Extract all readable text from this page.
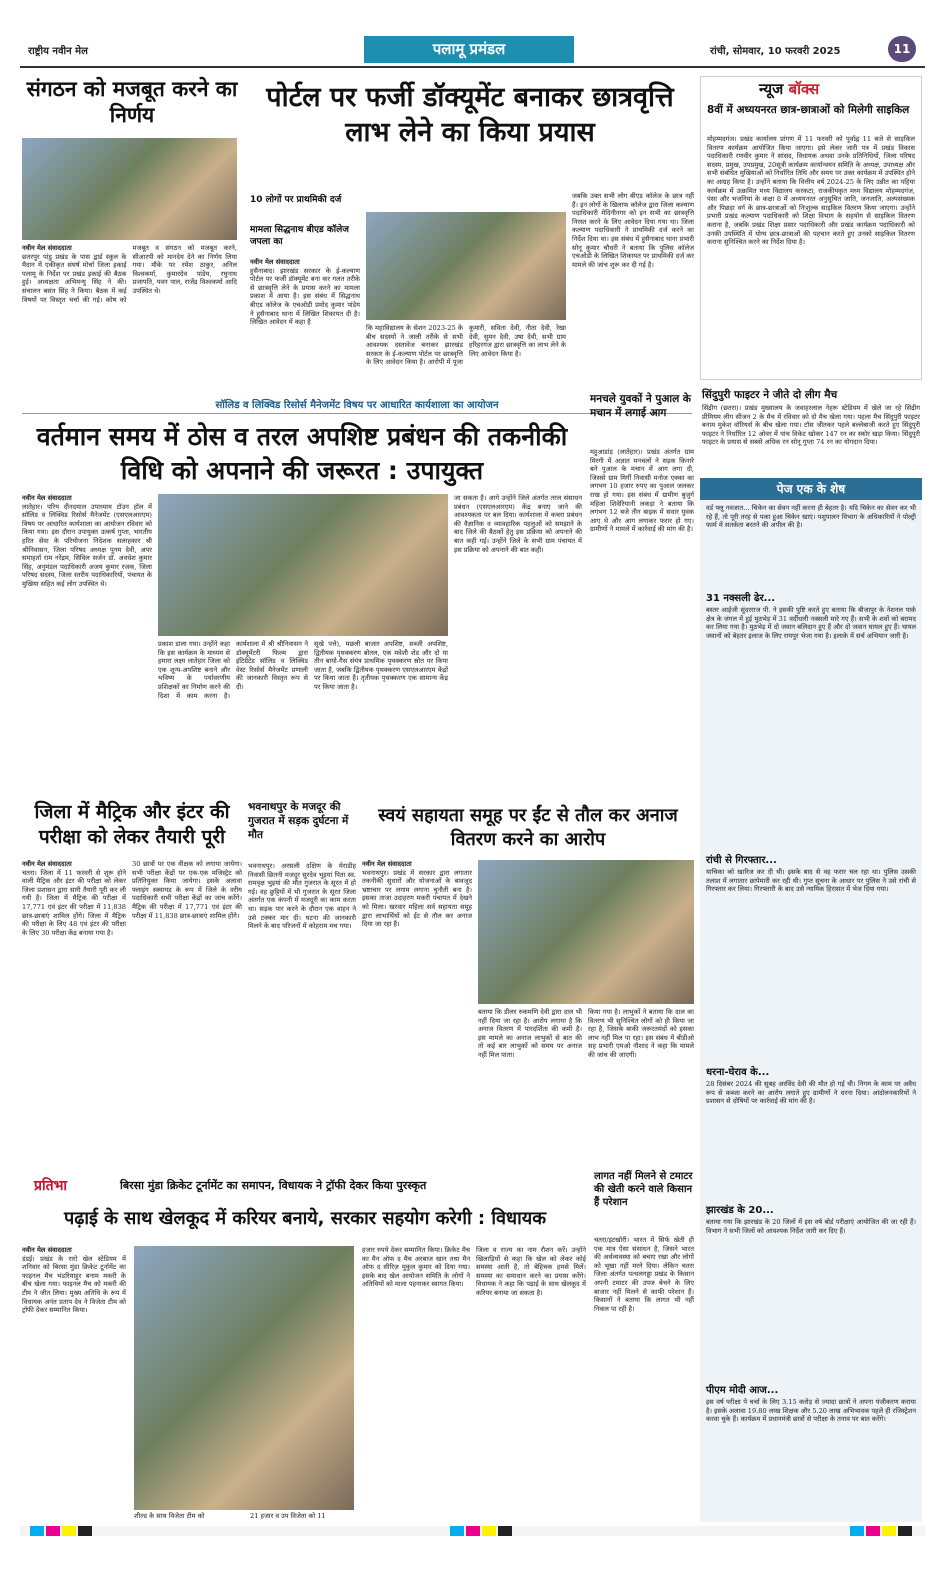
राष्ट्रीय नवीन मेल	पलामू प्रमंडल	रांची, सोमवार, 10 फरवरी 2025	11
संगठन को मजबूत करने का निर्णय
नवीन मेल संवाददाता
छतरपुर पांडु प्रखंड के पास द्वार्ड स्कूल के मैदान में एकीकृत संघर्ष मोर्चा जिला इकाई पलामू के निर्देश पर प्रखंड इकाई की बैठक हुई। अध्यक्षता अभिमन्यु सिंह ने की। संचालन बसंत सिंह ने किया। बैठक में कई विषयों पर विस्तृत चर्चा की गई। कोष को मजबूत व संगठन को मजबूत करने, सीआरपी को मानदेय देने का निर्णय लिया गया। मौके पर रमेश ठाकुर, अनिल विश्वकर्मा, कुमारदेव पांडेय, रघुनाथ प्रजापति, पवन पाल, राजेंद्र विश्वकर्मा आदि उपस्थित थे।
पोर्टल पर फर्जी डॉक्यूमेंट बनाकर छात्रवृत्ति लाभ लेने का किया प्रयास
10 लोगों पर प्राथमिकी दर्ज
मामला सिद्धनाथ बीएड कॉलेज जपला का
नवीन मेल संवाददाता
हुसैनाबाद। झारखंड सरकार के ई-कल्याण पोर्टल पर फर्जी डॉक्यूमेंट बना कर गलत तरीके से छात्रवृत्ति लेने के प्रयास करने का मामला प्रकाश में आया है। इस संबंध में सिद्धनाथ बीएड कॉलेज के एचओडी प्रमोद कुमार पांडेय ने हुसैनाबाद थाना में लिखित शिकायत दी है। लिखित आवेदन में कहा है
कि महाविद्यालय के सेशन 2023-25 के बीच सदस्यों ने जाली तरीके से सभी आवश्यक दस्तावेज बनाकर झारखंड सरकार के ई-कल्याण पोर्टल पर छात्रवृत्ति के लिए आवेदन किया है। आरोपी में पूजा कुमारी, सविता देवी, नीता देवी, रेखा देवी, सुमन देवी, उषा देवी, सभी ग्राम हरिहरगंज द्वारा छात्रवृत्ति का लाभ लेने के लिए आवेदन किया है।
जबकि उक्त सभी लोग बीएड कॉलेज के छात्र नहीं हैं। इन लोगों के खिलाफ कॉलेज द्वारा जिला कल्याण पदाधिकारी मेदिनीनगर को इन सभी का छात्रवृत्ति निरस्त करने के लिए आवेदन दिया गया था। जिला कल्याण पदाधिकारी ने प्राथमिकी दर्ज करने का निर्देश दिया था। इस संबंध में हुसैनाबाद थाना प्रभारी सोनू कुमार चौधरी ने बताया कि पुलिस कॉलेज एचओडी के लिखित शिकायत पर प्राथमिकी दर्ज कर मामले की जांच शुरू कर दी गई है।
न्यूज बॉक्स
8वीं में अध्ययनरत छात्र-छात्राओं को मिलेगी साइकिल
मोहम्मदगंज। प्रखंड कार्यालय प्रांगण में 11 फरवरी को पूर्वाह्न 11 बजे से साइकिल वितरण कार्यक्रम आयोजित किया जाएगा। इसे लेकर जारी पत्र में प्रखंड विकास पदाधिकारी रणवीर कुमार ने सांसद, विधायक अथवा उनके प्रतिनिधियों, जिला परिषद सदस्य, प्रमुख, उपप्रमुख, 20सूत्री कार्यक्रम कार्यान्वयन समिति के अध्यक्ष, उपाध्यक्ष और सभी संबंधित मुखियाओं को निर्धारित तिथि और समय पर उक्त कार्यक्रम में उपस्थित होने का आग्रह किया है। उन्होंने बताया कि वित्तीय वर्ष 2024-25 के लिए उन्नीत का पहिया कार्यक्रम में उत्क्रमित मध्य विद्यालय करकटा, राजकीयकृत मध्य विद्यालय मोहम्मदगंज, पंसा और भजनियां के कक्षा 8 में अध्ययनरत अनुसूचित जाति, जनजाति, अल्पसंख्यक और पिछड़ा वर्ग के छात्र-छात्राओं को निःशुल्क साइकिल वितरण किया जाएगा। उन्होंने प्रभारी प्रखंड कल्याण पदाधिकारी को शिक्षा विभाग के सहयोग से साइकिल वितरण कराना है, जबकि प्रखंड शिक्षा प्रसार पदाधिकारी और प्रखंड कार्यक्रम पदाधिकारी को उनकी उपस्थिति में योग्य छात्र-छात्राओं की पहचान करते हुए उनको साइकिल वितरण कराना सुनिश्चित करने का निर्देश दिया है।
सिंदुपुरी फाइटर ने जीते दो लीग मैच
सिंद्रीग (छतरा)। प्रखंड मुख्यालय के जवाहरलाल नेहरू स्टेडियम में खेले जा रहे सिंद्रीग प्रीमियम लीग सीजन 2 के मैच में रविवार को दो मैच खेला गया। पहला मैच सिंदुपुरी फाइटर बनाम मुकेश वॉरियर्स के बीच खेला गया। टॉस जीतकर पहले बल्लेबाजी करते हुए सिंदुपुरी फाइटर ने निर्धारित 12 ओवर में पांच विकेट खोकर 147 रन का स्कोर खड़ा किया। सिंदुपुरी फाइटर के प्रयास से सबसे अधिक रन सोनू गुप्ता 74 रन का योगदान दिया।
सॉलिड व लिक्विड रिसोर्स मैनेजमेंट विषय पर आधारित कार्यशाला का आयोजन
वर्तमान समय में ठोस व तरल अपशिष्ट प्रबंधन की तकनीकी विधि को अपनाने की जरूरत : उपायुक्त
नवीन मेल संवाददाता
लातेहार। परिय दीनदयाल उपाध्याय टॉउन हॉल में सॉलिड व लिक्विड रिसोर्स मैनेजमेंट (एसएलआरएम) विषय पर आधारित कार्यशाला का आयोजन रविवार को किया गया। इस दौरान उपायुक्त उत्कर्ष गुप्ता, भारतीय हरित सेवा के परियोजना निदेशक सलाहकार श्री श्रीनिवासन, जिला परिषद अध्यक्ष पूनम देवी, अपर समाहर्ता राम नरेंद्रम, सिविल सर्जन डॉ. अवधेश कुमार सिंह, अनुमंडल पदाधिकारी अजय कुमार रजक, जिला परिषद सदस्य, जिला स्तरीय पदाधिकारियों, पंचायत के मुखिया सहित कई लोग उपस्थित थे।
प्रकाश डाला गया। उन्होंने कहा कि इस कार्यक्रम के माध्यम से हमारा लक्ष्य लातेहार जिला को एक शून्य-अपशिष्ट बनाने और भविष्य के पर्यावरणीय प्रशिक्षकों का निर्माण करने की दिशा में काम करना है। कार्यशाला में श्री श्रीनिवासन ने डॉक्यूमेंटरी फिल्म द्वारा इंटिग्रेटेड सॉलिड व लिक्विड वेस्ट रिसोर्स मैनेजमेंट प्रणाली की जानकारी विस्तृत रूप से दी।
सूखे पत्ते), मछली बाजार अपशिष्ट, सब्जी अपशिष्ट, द्वितीयक पृथक्करण बोतल, एक मवेशी शेड और दो या तीन बायो-गैस संयंत्र प्राथमिक पृथक्करण स्रोत पर किया जाता है, जबकि द्वितीयक पृथक्करण एसएलआरएम केंद्रों पर किया जाता है। तृतीयक पृथक्करण एक सामान्य केंद्र पर किया जाता है।
जा सकता है। आगे उन्होंने जिले अंतर्गत तरल संसाधन प्रबंधन (एसएलआरएम) केंद्र बनाए जाने की आवश्यकता पर बल दिया। कार्यशाला में कचरा प्रबंधन की वैज्ञानिक व व्यावहारिक पहलुओं को समझाने के बाद जिले की बैठकों हेतु इस प्रक्रिया को अपनाने की बात कही गई। उन्होंने जिले के सभी ग्राम पंचायत में इस प्रक्रिया को अपनाने की बात कही।
मनचले युवकों ने पुआल के मचान में लगाई आग
महुआडांड़ (लातेहार)। प्रखंड अंतर्गत ग्राम मिरगी में अज्ञात मनचलों ने सड़क किनारे बने पुआल के मचान में आग लगा दी, जिससे ग्राम मिर्गी निवासी मनोज एक्का का लगभग 10 हजार रुपए का पुआल जलकर राख हो गया। इस संबंध में ग्रामीण बुजुर्ग महिला शिवेरियानी लकड़ा ने बताया कि लगभग 12 बजे तीन बाइक में सवार युवक आए थे और आग लगाकर फरार हो गए। ग्रामीणों ने मामले में कार्रवाई की मांग की है।
पेज एक के शेष
वर्ड फ्लू नवजात... चिकेन का सेवन नहीं करना ही बेहतर है। यदि चिकेन का सेवन कर भी रहे हैं, तो पूरी तरह से पका हुआ चिकेन खाएं। पशुपालन विभाग के अधिकारियों ने पोल्ट्री फार्म में सतर्कता बरतने की अपील की है।
31 नक्सली ढेर...
बस्तर आईजी सुंदरराज पी. ने इसकी पुष्टि करते हुए बताया कि बीजापुर के नेशनल पार्क क्षेत्र के जंगल में हुई मुठभेड़ में 31 वर्दीधारी नक्सली मारे गए हैं। सभी के शवों को बरामद कर लिया गया है। मुठभेड़ में दो जवान बलिदान हुए हैं और दो जवान घायल हुए हैं। घायल जवानों को बेहतर इलाज के लिए रायपुर भेजा गया है। इलाके में सर्च अभियान जारी है।
रांची से गिरफ्तार...
याचिका को खारिज कर दी थी। इसके बाद से वह फरार चल रहा था। पुलिस उसकी तलाश में लगातार छापेमारी कर रही थी। गुप्त सूचना के आधार पर पुलिस ने उसे रांची से गिरफ्तार कर लिया। गिरफ्तारी के बाद उसे न्यायिक हिरासत में भेज दिया गया।
धरना-घेराव के...
28 दिसंबर 2024 की सुबह अरविंद देवी की मौत हो गई थी। निगम के काम पर अवैध रूप से कब्जा करने का आरोप लगाते हुए ग्रामीणों ने धरना दिया। आंदोलनकारियों ने प्रशासन से दोषियों पर कार्रवाई की मांग की है।
झारखंड के 20...
बताया गया कि झारखंड के 20 जिलों में इस वर्ष बोर्ड परीक्षाएं आयोजित की जा रही हैं। विभाग ने सभी जिलों को आवश्यक निर्देश जारी कर दिए हैं।
पीएम मोदी आज...
इस वर्ष परीक्षा पे चर्चा के लिए 3.15 करोड़ से ज्यादा छात्रों ने अपना पंजीकरण कराया है। इसके अलावा 19.80 लाख शिक्षक और 5.20 लाख अभिभावक पहले ही रजिस्ट्रेशन करवा चुके हैं। कार्यक्रम में प्रधानमंत्री छात्रों से परीक्षा के तनाव पर बात करेंगे।
जिला में मैट्रिक और इंटर की परीक्षा को लेकर तैयारी पूरी
नवीन मेल संवाददाता
चतरा। जिला में 11 फरवरी से शुरू होने वाली मैट्रिक और इंटर की परीक्षा को लेकर जिला प्रशासन द्वारा सारी तैयारी पूरी कर ली गयी है। जिला में मैट्रिक की परीक्षा में 17,771 एवं इंटर की परीक्षा में 11,838 छात्र-छात्राएं शामिल होंगे। जिला में मैट्रिक की परीक्षा के लिए 48 एवं इंटर की परीक्षा के लिए 30 परीक्षा केंद्र बनाया गया है।
30 छात्रों पर एक वीक्षक को लगाया जायेगा। सभी परीक्षा केंद्रों पर एक-एक मजिस्ट्रेट को प्रतिनियुक्त किया जायेगा। इसके अलावा फ्लाइंग स्क्वायड के रूप में जिले के वरीय पदाधिकारी सभी परीक्षा केंद्रों का जांच करेंगे। मैट्रिक की परीक्षा में 17,771 एवं इंटर की परीक्षा में 11,838 छात्र-छात्राएं शामिल होंगे।
भवनाथपुर के मजदूर की गुजरात में सड़क दुर्घटना में मौत
भवनाथपुर। अरसली दक्षिण के मेराडीह निवासी छितनी मजदूर सुरदेव भुइयां पिता स्व. रामवृक्ष भुइयां की मौत गुजरात के सूरत में हो गई। वह छुट्टियों में भी गुजरात के सूरत जिला अंतर्गत एक कंपनी में मजदूरी का काम करता था। सड़क पार करने के दौरान एक वाहन ने उसे टक्कर मार दी। घटना की जानकारी मिलने के बाद परिजनों में कोहराम मच गया।
स्वयं सहायता समूह पर ईंट से तौल कर अनाज वितरण करने का आरोप
नवीन मेल संवाददाता
भवनाथपुर। प्रखंड में सरकार द्वारा लगातार तकनीकी सुधारों और योजनाओं के बावजूद भ्रष्टाचार पर लगाम लगाना चुनौती बना है। इसका ताजा उदाहरण मकरी पंचायत में देखने को मिला। खरवार महिला सर्व सहायता समूह द्वारा लाभार्थियों को ईंट से तौल कर अनाज दिया जा रहा है।
बताया कि डीलर रुकमणि देवी द्वारा दाल भी नहीं दिया जा रहा है। आरोप लगाया है कि अनाज वितरण में पारदर्शिता की कमी है। इस मामले का अनाज लाभुकों से बात की तो कई बार लाभुकों को समय पर अनाज नहीं मिल पाता।
किया गया है। लाभुकों ने बताया कि दाल का वितरण भी सुनिश्चित लोगों को ही किया जा रहा है, जिसके बाकी जरूरतमंदों को इसका लाभ नहीं मिल पा रहा। इस संबंध में बीडीओ सह प्रभारी एमओ नौशाद ने कहा कि मामले की जांच की जाएगी।
प्रतिभा	बिरसा मुंडा क्रिकेट टूर्नामेंट का समापन, विधायक ने ट्रॉफी देकर किया पुरस्कृत
पढ़ाई के साथ खेलकूद में करियर बनाये, सरकार सहयोग करेगी : विधायक
नवीन मेल संवाददाता
डंडई। प्रखंड के रारो खेल स्टेडियम में शनिवार को बिरसा मुंडा क्रिकेट टूर्नामेंट का फाइनल मैच भंडरियाहुर बनाम मकरी के बीच खेला गया। फाइनल मैच को मकरी की टीम ने जीत लिया। मुख्य अतिथि के रूप में विधायक अनंत प्रताप देव ने विजेता टीम को ट्रॉफी देकर सम्मानित किया।
शील्ड के साथ विजेता टीम को	21 हजार व उप विजेता को 11
हजार रुपये देकर सम्मानित किया। क्रिकेट मैच का मैन ऑफ द मैच अरबाज खान तथा मैन ऑफ द सीरिज़ मुकुल कुमार को दिया गया। इसके बाद खेल आयोजन समिति के लोगों ने अतिथियों को माला पहनाकर स्वागत किया।
जिला व राज्य का नाम रौशन करें। उन्होंने खिलाड़ियों से कहा कि खेल को लेकर कोई समस्या आती है, तो बेहिचक हमसे मिलें। समस्या का समाधान करने का प्रयास करेंगे। विधायक ने कहा कि पढ़ाई के साथ खेलकूद में करियर बनाया जा सकता है।
लागत नहीं मिलने से टमाटर की खेती करने वाले किसान हैं परेशान
चतरा/इटखोरी। भारत में सिर्फ खेती ही एक मात्र ऐसा संसाधन है, जिसने भारत की अर्थव्यवस्था को बचाए रखा और लोगों को भूखा नहीं मरने दिया। लेकिन चतरा जिला अंतर्गत पत्थलगड्डा प्रखंड के किसान अपनी टमाटर की उपज बेचने के लिए बाजार नहीं मिलने से काफी परेशान हैं। किसानों ने बताया कि लागत भी नहीं निकल पा रही है।
